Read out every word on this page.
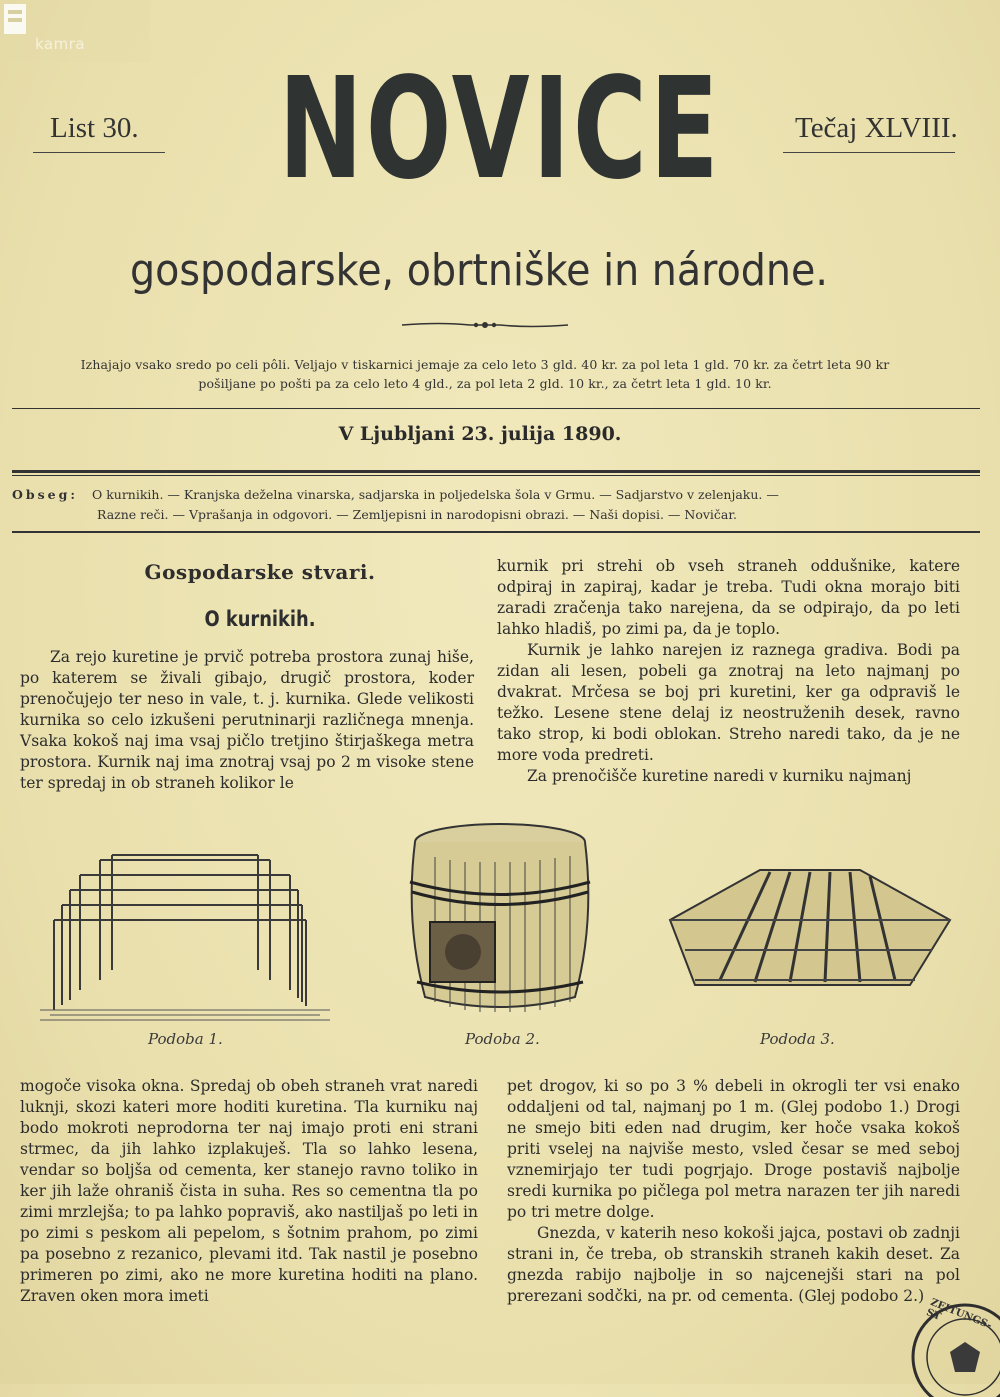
kamra
List 30. NOVICE	Tečaj XLVIII.
gospodarske, obrtniške in národne.
Izhajajo vsako sredo po celi pôli. Veljajo v tiskarnici jemaje za celo leto 3 gld. 40 kr. za pol leta 1 gld. 70 kr. za četrt leta 90 kr
pošiljane po pošti pa za celo leto 4 gld., za pol leta 2 gld. 10 kr., za četrt leta 1 gld. 10 kr.
V Ljubljani 23. julija 1890.
Obseg: O kurnikih. — Kranjska deželna vinarska, sadjarska in poljedelska šola v Grmu. — Sadjarstvo v zelenjaku. —
Razne reči. — Vprašanja in odgovori. — Zemljepisni in narodopisni obrazi. — Naši dopisi. — Novičar.
Gospodarske stvari.
O kurnikih.

Za rejo kuretine je prvič potreba prostora zunaj hiše, po katerem se živali gibajo, drugič prostora, koder prenočujejo ter neso in vale, t. j. kurnika. Glede velikosti kurnika so celo izkušeni perutninarji različnega mnenja. Vsaka kokoš naj ima vsaj pičlo tretjino štirjaškega metra prostora. Kurnik naj ima znotraj vsaj po 2 m visoke stene ter spredaj in ob straneh kolikor le

kurnik pri strehi ob vseh straneh oddušnike, katere odpiraj in zapiraj, kadar je treba. Tudi okna morajo biti zaradi zračenja tako narejena, da se odpirajo, da po leti lahko hladiš, po zimi pa, da je toplo.

Kurnik je lahko narejen iz raznega gradiva. Bodi pa zidan ali lesen, pobeli ga znotraj na leto najmanj po dvakrat. Mrčesa se boj pri kuretini, ker ga odpraviš le težko. Lesene stene delaj iz neostruženih desek, ravno tako strop, ki bodi oblokan. Streho naredi tako, da je ne more voda predreti.

Za prenočišče kuretine naredi v kurniku najmanj

Podoba 1.	Podoba 2.	Pododa 3.

mogoče visoka okna. Spredaj ob obeh straneh vrat naredi luknji, skozi kateri more hoditi kuretina. Tla kurniku naj bodo mokroti neprodorna ter naj imajo proti eni strani strmec, da jih lahko izplakuješ. Tla so lahko lesena, vendar so boljša od cementa, ker stanejo ravno toliko in ker jih laže ohraniš čista in suha. Res so cementna tla po zimi mrzlejša; to pa lahko popraviš, ako nastiljaš po leti in po zimi s peskom ali pepelom, s šotnim prahom, po zimi pa posebno z rezanico, plevami itd. Tak nastil je posebno primeren po zimi, ako ne more kuretina hoditi na plano. Zraven oken mora imeti

pet drogov, ki so po 3 % debeli in okrogli ter vsi enako oddaljeni od tal, najmanj po 1 m. (Glej podobo 1.) Drogi ne smejo biti eden nad drugim, ker hoče vsaka kokoš priti vselej na najviše mesto, vsled česar se med seboj vznemirjajo ter tudi pogrjajo. Droge postaviš najbolje sredi kurnika po pičlega pol metra narazen ter jih naredi po tri metre dolge.

Gnezda, v katerih neso kokoši jajca, postavi ob zadnji strani in, če treba, ob stranskih straneh kakih deset. Za gnezda rabijo najbolje in so najcenejši stari na pol prerezani sodčki, na pr. od cementa. (Glej podobo 2.)

ZEITUNGS-ST
